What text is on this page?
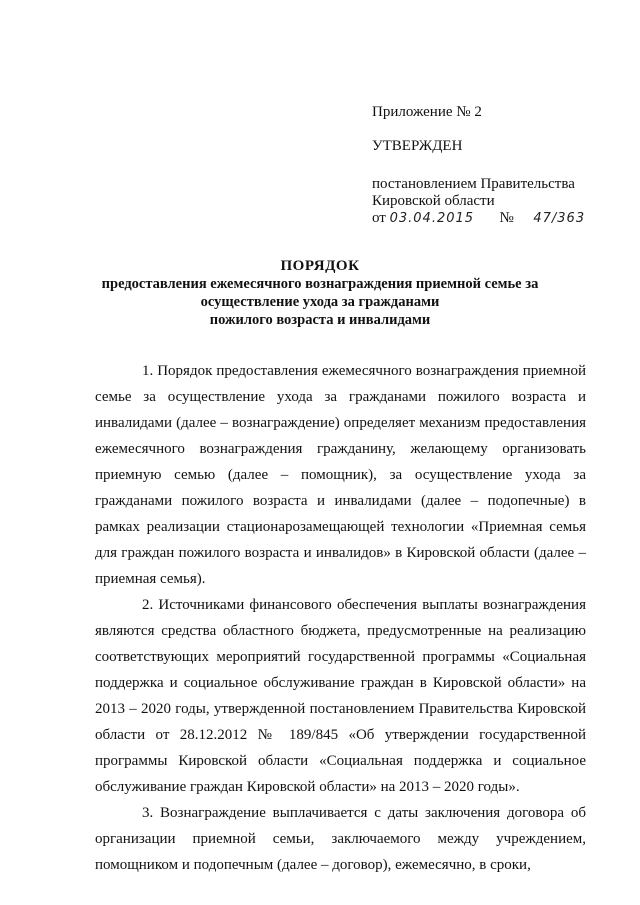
Приложение № 2
УТВЕРЖДЕН
постановлением Правительства
Кировской области
от 03.04.2015 № 47/363
ПОРЯДОК
предоставления ежемесячного вознаграждения приемной семье за
осуществление ухода за гражданами
пожилого возраста и инвалидами

1. Порядок предоставления ежемесячного вознаграждения приемной семье за осуществление ухода за гражданами пожилого возраста и инвалидами (далее – вознаграждение) определяет механизм предоставления ежемесячного вознаграждения гражданину, желающему организовать приемную семью (далее – помощник), за осуществление ухода за гражданами пожилого возраста и инвалидами (далее – подопечные) в рамках реализации стационарозамещающей технологии «Приемная семья для граждан пожилого возраста и инвалидов» в Кировской области (далее – приемная семья).

2. Источниками финансового обеспечения выплаты вознаграждения являются средства областного бюджета, предусмотренные на реализацию соответствующих мероприятий государственной программы «Социальная поддержка и социальное обслуживание граждан в Кировской области» на 2013 – 2020 годы, утвержденной постановлением Правительства Кировской области от 28.12.2012 № 189/845 «Об утверждении государственной программы Кировской области «Социальная поддержка и социальное обслуживание граждан Кировской области» на 2013 – 2020 годы».

3. Вознаграждение выплачивается с даты заключения договора об организации приемной семьи, заключаемого между учреждением, помощником и подопечным (далее – договор), ежемесячно, в сроки,
